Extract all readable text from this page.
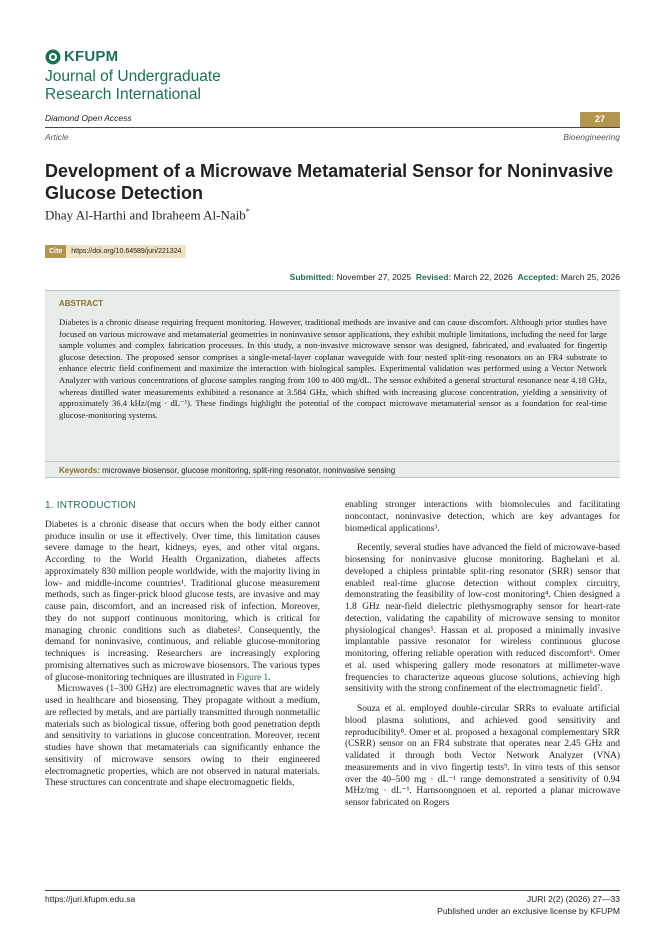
KFUPM
Journal of Undergraduate
Research International
Diamond Open Access	27
Article	Bioengineering
Development of a Microwave Metamaterial Sensor for Noninvasive Glucose Detection
Dhay Al-Harthi and Ibraheem Al-Naib*
Cite	https://doi.org/10.64589/juri/221324
Submitted: November 27, 2025 Revised: March 22, 2026 Accepted: March 25, 2026
ABSTRACT

Diabetes is a chronic disease requiring frequent monitoring. However, traditional methods are invasive and can cause discomfort. Although prior studies have focused on various microwave and metamaterial geometries in noninvasive sensor applications, they exhibit multiple limitations, including the need for large sample volumes and complex fabrication processes. In this study, a non-invasive microwave sensor was designed, fabricated, and evaluated for fingertip glucose detection. The proposed sensor comprises a single-metal-layer coplanar waveguide with four nested split-ring resonators on an FR4 substrate to enhance electric field confinement and maximize the interaction with biological samples. Experimental validation was performed using a Vector Network Analyzer with various concentrations of glucose samples ranging from 100 to 400 mg/dL. The sensor exhibited a general structural resonance near 4.18 GHz, whereas distilled water measurements exhibited a resonance at 3.584 GHz, which shifted with increasing glucose concentration, yielding a sensitivity of approximately 36.4 kHz/(mg · dL⁻¹). These findings highlight the potential of the compact microwave metamaterial sensor as a foundation for real-time glucose-monitoring systems.

Keywords: microwave biosensor, glucose monitoring, split-ring resonator, noninvasive sensing
1. INTRODUCTION

Diabetes is a chronic disease that occurs when the body either cannot produce insulin or use it effectively. Over time, this limitation causes severe damage to the heart, kidneys, eyes, and other vital organs. According to the World Health Organization, diabetes affects approximately 830 million people worldwide, with the majority living in low- and middle-income countries¹. Traditional glucose measurement methods, such as finger-prick blood glucose tests, are invasive and may cause pain, discomfort, and an increased risk of infection. Moreover, they do not support continuous monitoring, which is critical for managing chronic conditions such as diabetes². Consequently, the demand for noninvasive, continuous, and reliable glucose-monitoring techniques is increasing. Researchers are increasingly exploring promising alternatives such as microwave biosensors. The various types of glucose-monitoring techniques are illustrated in Figure 1.

Microwaves (1–300 GHz) are electromagnetic waves that are widely used in healthcare and biosensing. They propagate without a medium, are reflected by metals, and are partially transmitted through nonmetallic materials such as biological tissue, offering both good penetration depth and sensitivity to variations in glucose concentration. Moreover, recent studies have shown that metamaterials can significantly enhance the sensitivity of microwave sensors owing to their engineered electromagnetic properties, which are not observed in natural materials. These structures can concentrate and shape electromagnetic fields,

enabling stronger interactions with biomolecules and facilitating noncontact, noninvasive detection, which are key advantages for biomedical applications³.

Recently, several studies have advanced the field of microwave-based biosensing for noninvasive glucose monitoring. Baghelani et al. developed a chipless printable split-ring resonator (SRR) sensor that enabled real-time glucose detection without complex circuitry, demonstrating the feasibility of low-cost monitoring⁴. Chien designed a 1.8 GHz near-field dielectric plethysmography sensor for heart-rate detection, validating the capability of microwave sensing to monitor physiological changes⁵. Hassan et al. proposed a minimally invasive implantable passive resonator for wireless continuous glucose monitoring, offering reliable operation with reduced discomfort⁶. Omer et al. used whispering gallery mode resonators at millimeter-wave frequencies to characterize aqueous glucose solutions, achieving high sensitivity with the strong confinement of the electromagnetic field⁷.

Souza et al. employed double-circular SRRs to evaluate artificial blood plasma solutions, and achieved good sensitivity and reproducibility⁸. Omer et al. proposed a hexagonal complementary SRR (CSRR) sensor on an FR4 substrate that operates near 2.45 GHz and validated it through both Vector Network Analyzer (VNA) measurements and in vivo fingertip tests⁹. In vitro tests of this sensor over the 40–500 mg · dL⁻¹ range demonstrated a sensitivity of 0.94 MHz/mg · dL⁻¹. Harnsoongnoen et al. reported a planar microwave sensor fabricated on Rogers

https://juri.kfupm.edu.sa	JURI 2(2) (2026) 27—33
Published under an exclusive license by KFUPM
